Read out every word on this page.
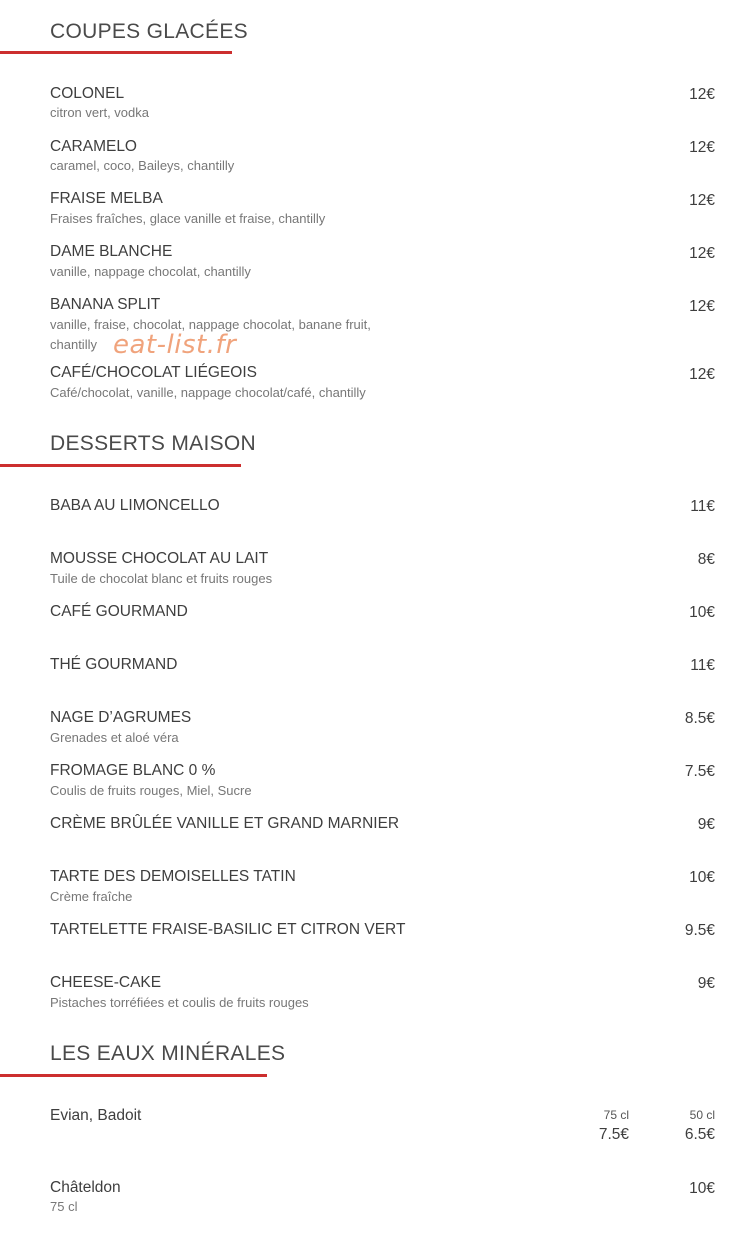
COUPES GLACÉES
COLONEL
citron vert, vodka
12€
CARAMELO
caramel, coco, Baileys, chantilly
12€
FRAISE MELBA
Fraises fraîches, glace vanille et fraise, chantilly
12€
DAME BLANCHE
vanille, nappage chocolat, chantilly
12€
BANANA SPLIT
vanille, fraise, chocolat, nappage chocolat, banane fruit, chantilly
12€
eat-list.fr
CAFÉ/CHOCOLAT LIÉGEOIS
Café/chocolat, vanille, nappage chocolat/café, chantilly
12€
DESSERTS MAISON
BABA AU LIMONCELLO	11€
MOUSSE CHOCOLAT AU LAIT
Tuile de chocolat blanc et fruits rouges
8€
CAFÉ GOURMAND	10€
THÉ GOURMAND	11€
NAGE D’AGRUMES
Grenades et aloé véra
8.5€
FROMAGE BLANC 0 %
Coulis de fruits rouges, Miel, Sucre
7.5€
CRÈME BRÛLÉE VANILLE ET GRAND MARNIER	9€
TARTE DES DEMOISELLES TATIN
Crème fraîche
10€
TARTELETTE FRAISE-BASILIC ET CITRON VERT	9.5€
CHEESE-CAKE
Pistaches torréfiées et coulis de fruits rouges
9€
LES EAUX MINÉRALES
Evian, Badoit	75 cl
7.5€
50 cl
6.5€
Châteldon
75 cl
10€
